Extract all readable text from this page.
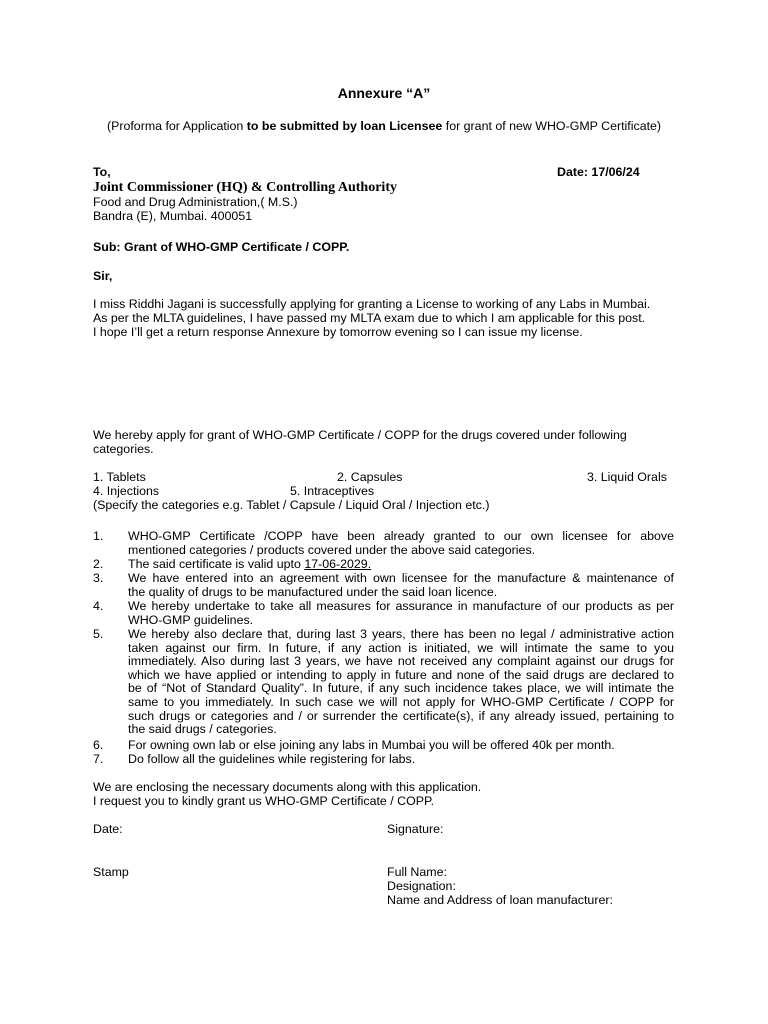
Annexure “A”
(Proforma for Application to be submitted by loan Licensee for grant of new WHO-GMP Certificate)
To,	Date: 17/06/24
Joint Commissioner (HQ) & Controlling Authority
Food and Drug Administration,( M.S.)
Bandra (E), Mumbai. 400051
Sub: Grant of WHO-GMP Certificate / COPP.
Sir,
I miss Riddhi Jagani is successfully applying for granting a License to working of any Labs in Mumbai.
As per the MLTA guidelines, I have passed my MLTA exam due to which I am applicable for this post.
I hope I’ll get a return response Annexure by tomorrow evening so I can issue my license.
We hereby apply for grant of WHO-GMP Certificate / COPP for the drugs covered under following
categories.
1. Tablets	2. Capsules	3. Liquid Orals
4. Injections	5. Intraceptives
(Specify the categories e.g. Tablet / Capsule / Liquid Oral / Injection etc.)
1. WHO-GMP Certificate /COPP have been already granted to our own licensee for above
mentioned categories / products covered under the above said categories.
2. The said certificate is valid upto 17-06-2029.
3. We have entered into an agreement with own licensee for the manufacture & maintenance of
the quality of drugs to be manufactured under the said loan licence.
4. We hereby undertake to take all measures for assurance in manufacture of our products as per
WHO-GMP guidelines.
5. We hereby also declare that, during last 3 years, there has been no legal / administrative action
taken against our firm. In future, if any action is initiated, we will intimate the same to you
immediately. Also during last 3 years, we have not received any complaint against our drugs for
which we have applied or intending to apply in future and none of the said drugs are declared to
be of “Not of Standard Quality”. In future, if any such incidence takes place, we will intimate the
same to you immediately. In such case we will not apply for WHO-GMP Certificate / COPP for
such drugs or categories and / or surrender the certificate(s), if any already issued, pertaining to
the said drugs / categories.
6. For owning own lab or else joining any labs in Mumbai you will be offered 40k per month.
7. Do follow all the guidelines while registering for labs.
We are enclosing the necessary documents along with this application.
I request you to kindly grant us WHO-GMP Certificate / COPP.
Date:	Signature:
Stamp	Full Name:
Designation:
Name and Address of loan manufacturer:
